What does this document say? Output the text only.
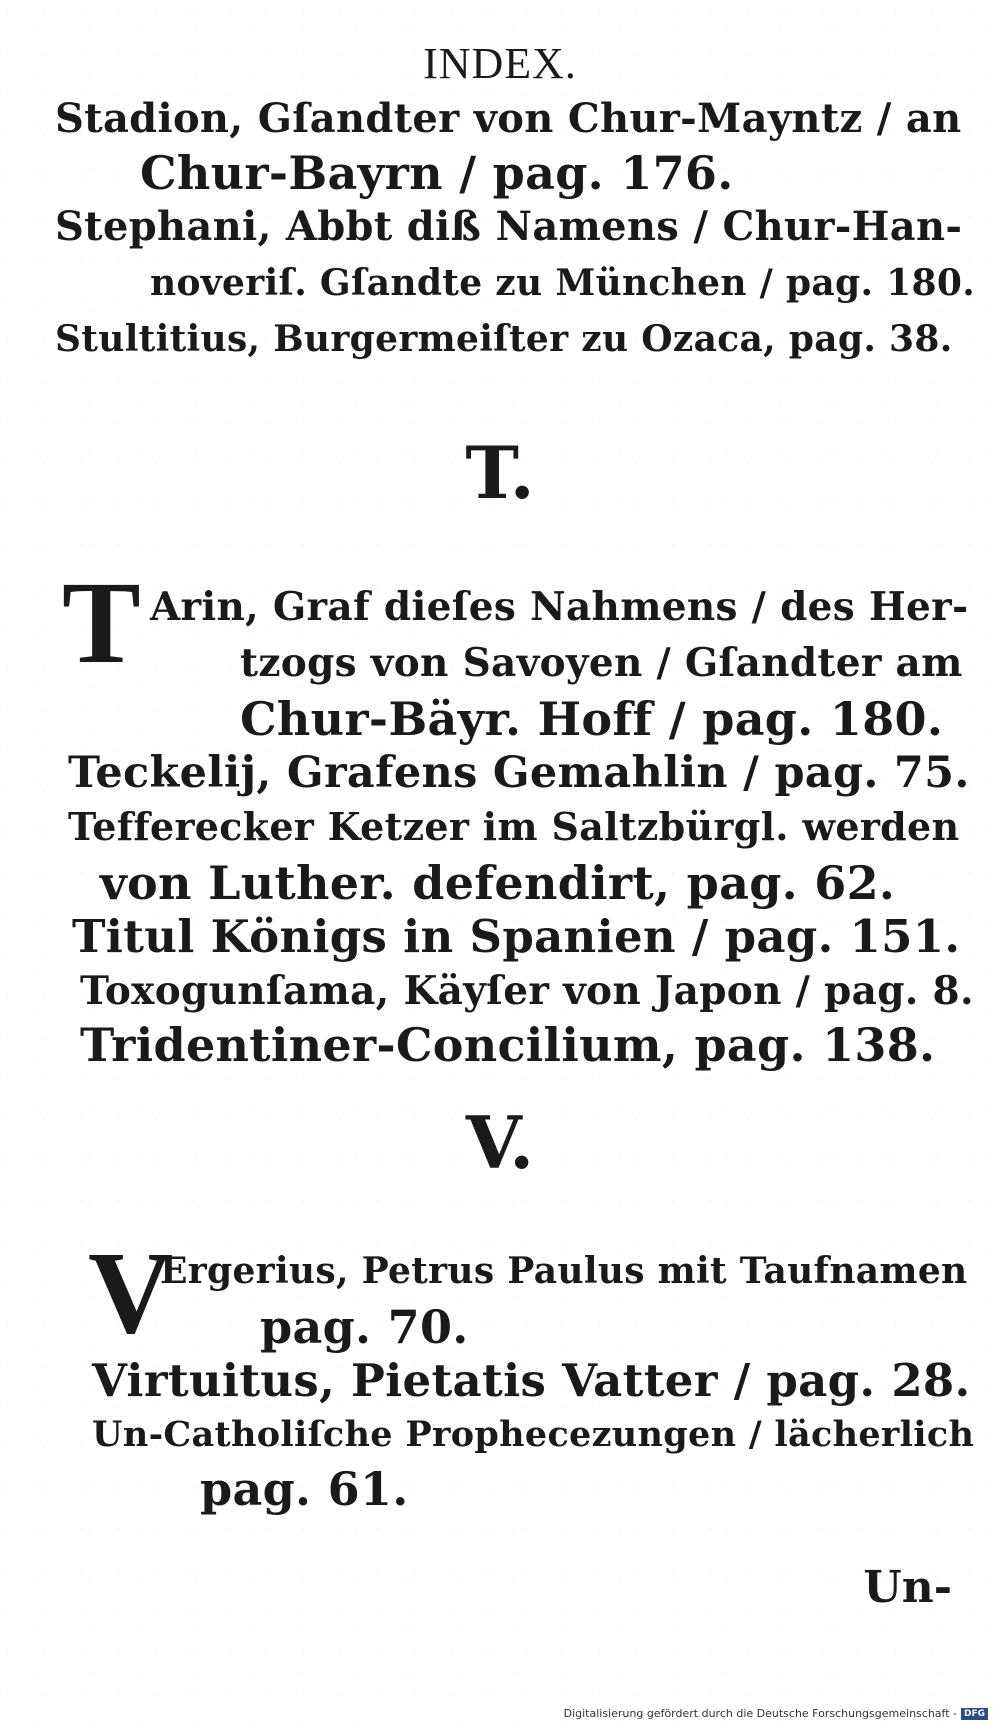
INDEX.
Stadion, Gſandter von Chur-Mayntz / an
Chur-Bayrn / pag. 176.
Stephani, Abbt diß Namens / Chur-Han-
noveriſ. Gſandte zu München / pag. 180.
Stultitius, Burgermeiſter zu Ozaca, pag. 38.
T.
T Arin, Graf dieſes Nahmens / des Her-
tzogs von Savoyen / Gſandter am
Chur-Bäyr. Hoff / pag. 180.
Teckelij, Grafens Gemahlin / pag. 75.
Tefferecker Ketzer im Saltzbürgl. werden
von Luther. defendirt, pag. 62.
Titul Königs in Spanien / pag. 151.
Toxogunſama, Käyſer von Japon / pag. 8.
Tridentiner-Concilium, pag. 138.
V.
V
Ergerius, Petrus Paulus mit Taufnamen
pag. 70.
Virtuitus, Pietatis Vatter / pag. 28.
Un-Catholiſche Prophecezungen / lächerlich
pag. 61.
Un-
Digitalisierung gefördert durch die Deutsche Forschungsgemeinschaft - DFG
